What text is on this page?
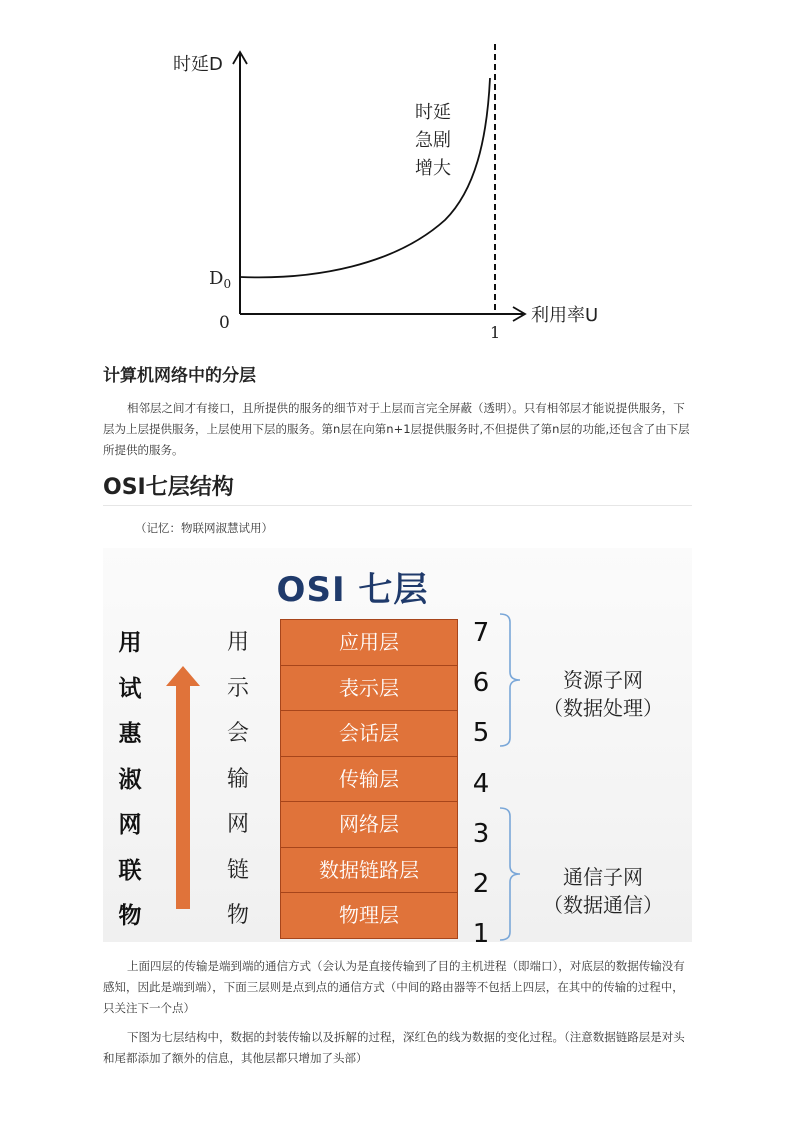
时延D
$D_0$
0	1
利用率U
时延
急剧
增大
计算机网络中的分层

相邻层之间才有接口，且所提供的服务的细节对于上层而言完全屏蔽（透明）。只有相邻层才能说提供服务，下层为上层提供服务，上层使用下层的服务。第n层在向第n+1层提供服务时,不但提供了第n层的功能,还包含了由下层所提供的服务。

OSI七层结构
（记忆：物联网淑慧试用）
OSI 七层
用
试
惠
淑
网
联
物
用
示
会
输
网
链
物
应用层
表示层
会话层
传输层
网络层
数据链路层
物理层
7
6
5
4
3
2
1
资源子网
（数据处理）
通信子网
（数据通信）

上面四层的传输是端到端的通信方式（会认为是直接传输到了目的主机进程（即端口），对底层的数据传输没有感知，因此是端到端），下面三层则是点到点的通信方式（中间的路由器等不包括上四层，在其中的传输的过程中，只关注下一个点）

下图为七层结构中，数据的封装传输以及拆解的过程，深红色的线为数据的变化过程。（注意数据链路层是对头和尾都添加了额外的信息，其他层都只增加了头部）
